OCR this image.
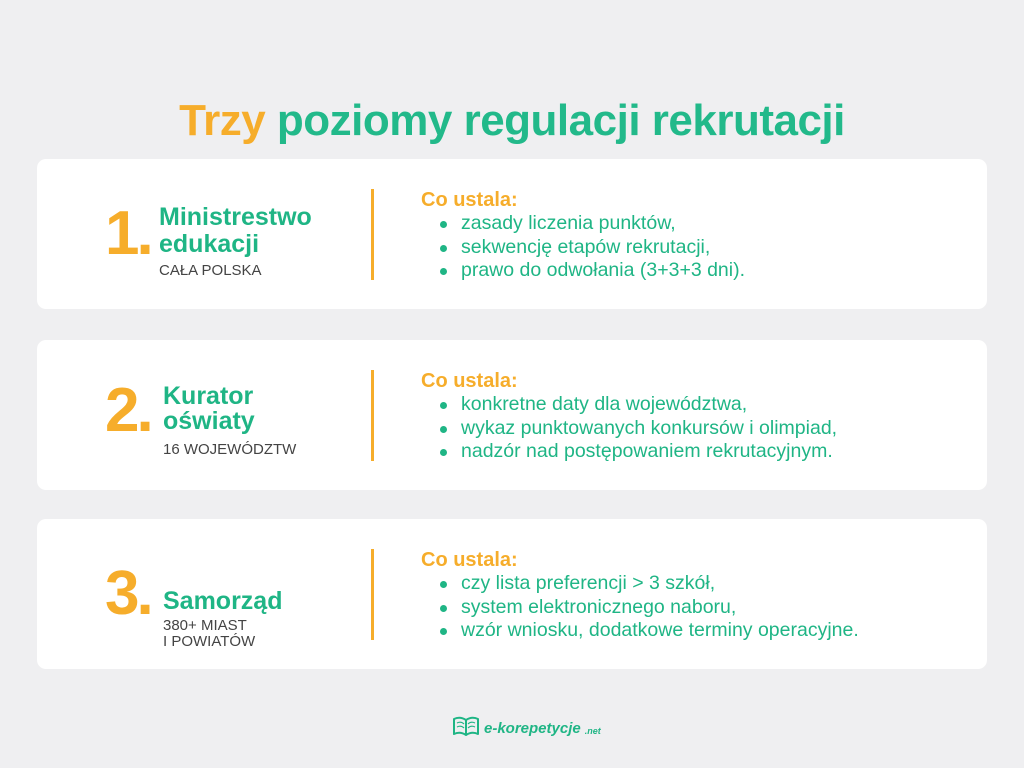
Trzy poziomy regulacji rekrutacji
1. Ministrestwo
edukacji
CAŁA POLSKA
Co ustala:
zasady liczenia punktów,
sekwencję etapów rekrutacji,
prawo do odwołania (3+3+3 dni).
2. Kurator
oświaty
16 WOJEWÓDZTW
Co ustala:
konkretne daty dla województwa,
wykaz punktowanych konkursów i olimpiad,
nadzór nad postępowaniem rekrutacyjnym.
3. Samorząd
380+ MIAST
I POWIATÓW
Co ustala:
czy lista preferencji > 3 szkół,
system elektronicznego naboru,
wzór wniosku, dodatkowe terminy operacyjne.
e-korepetycje .net
